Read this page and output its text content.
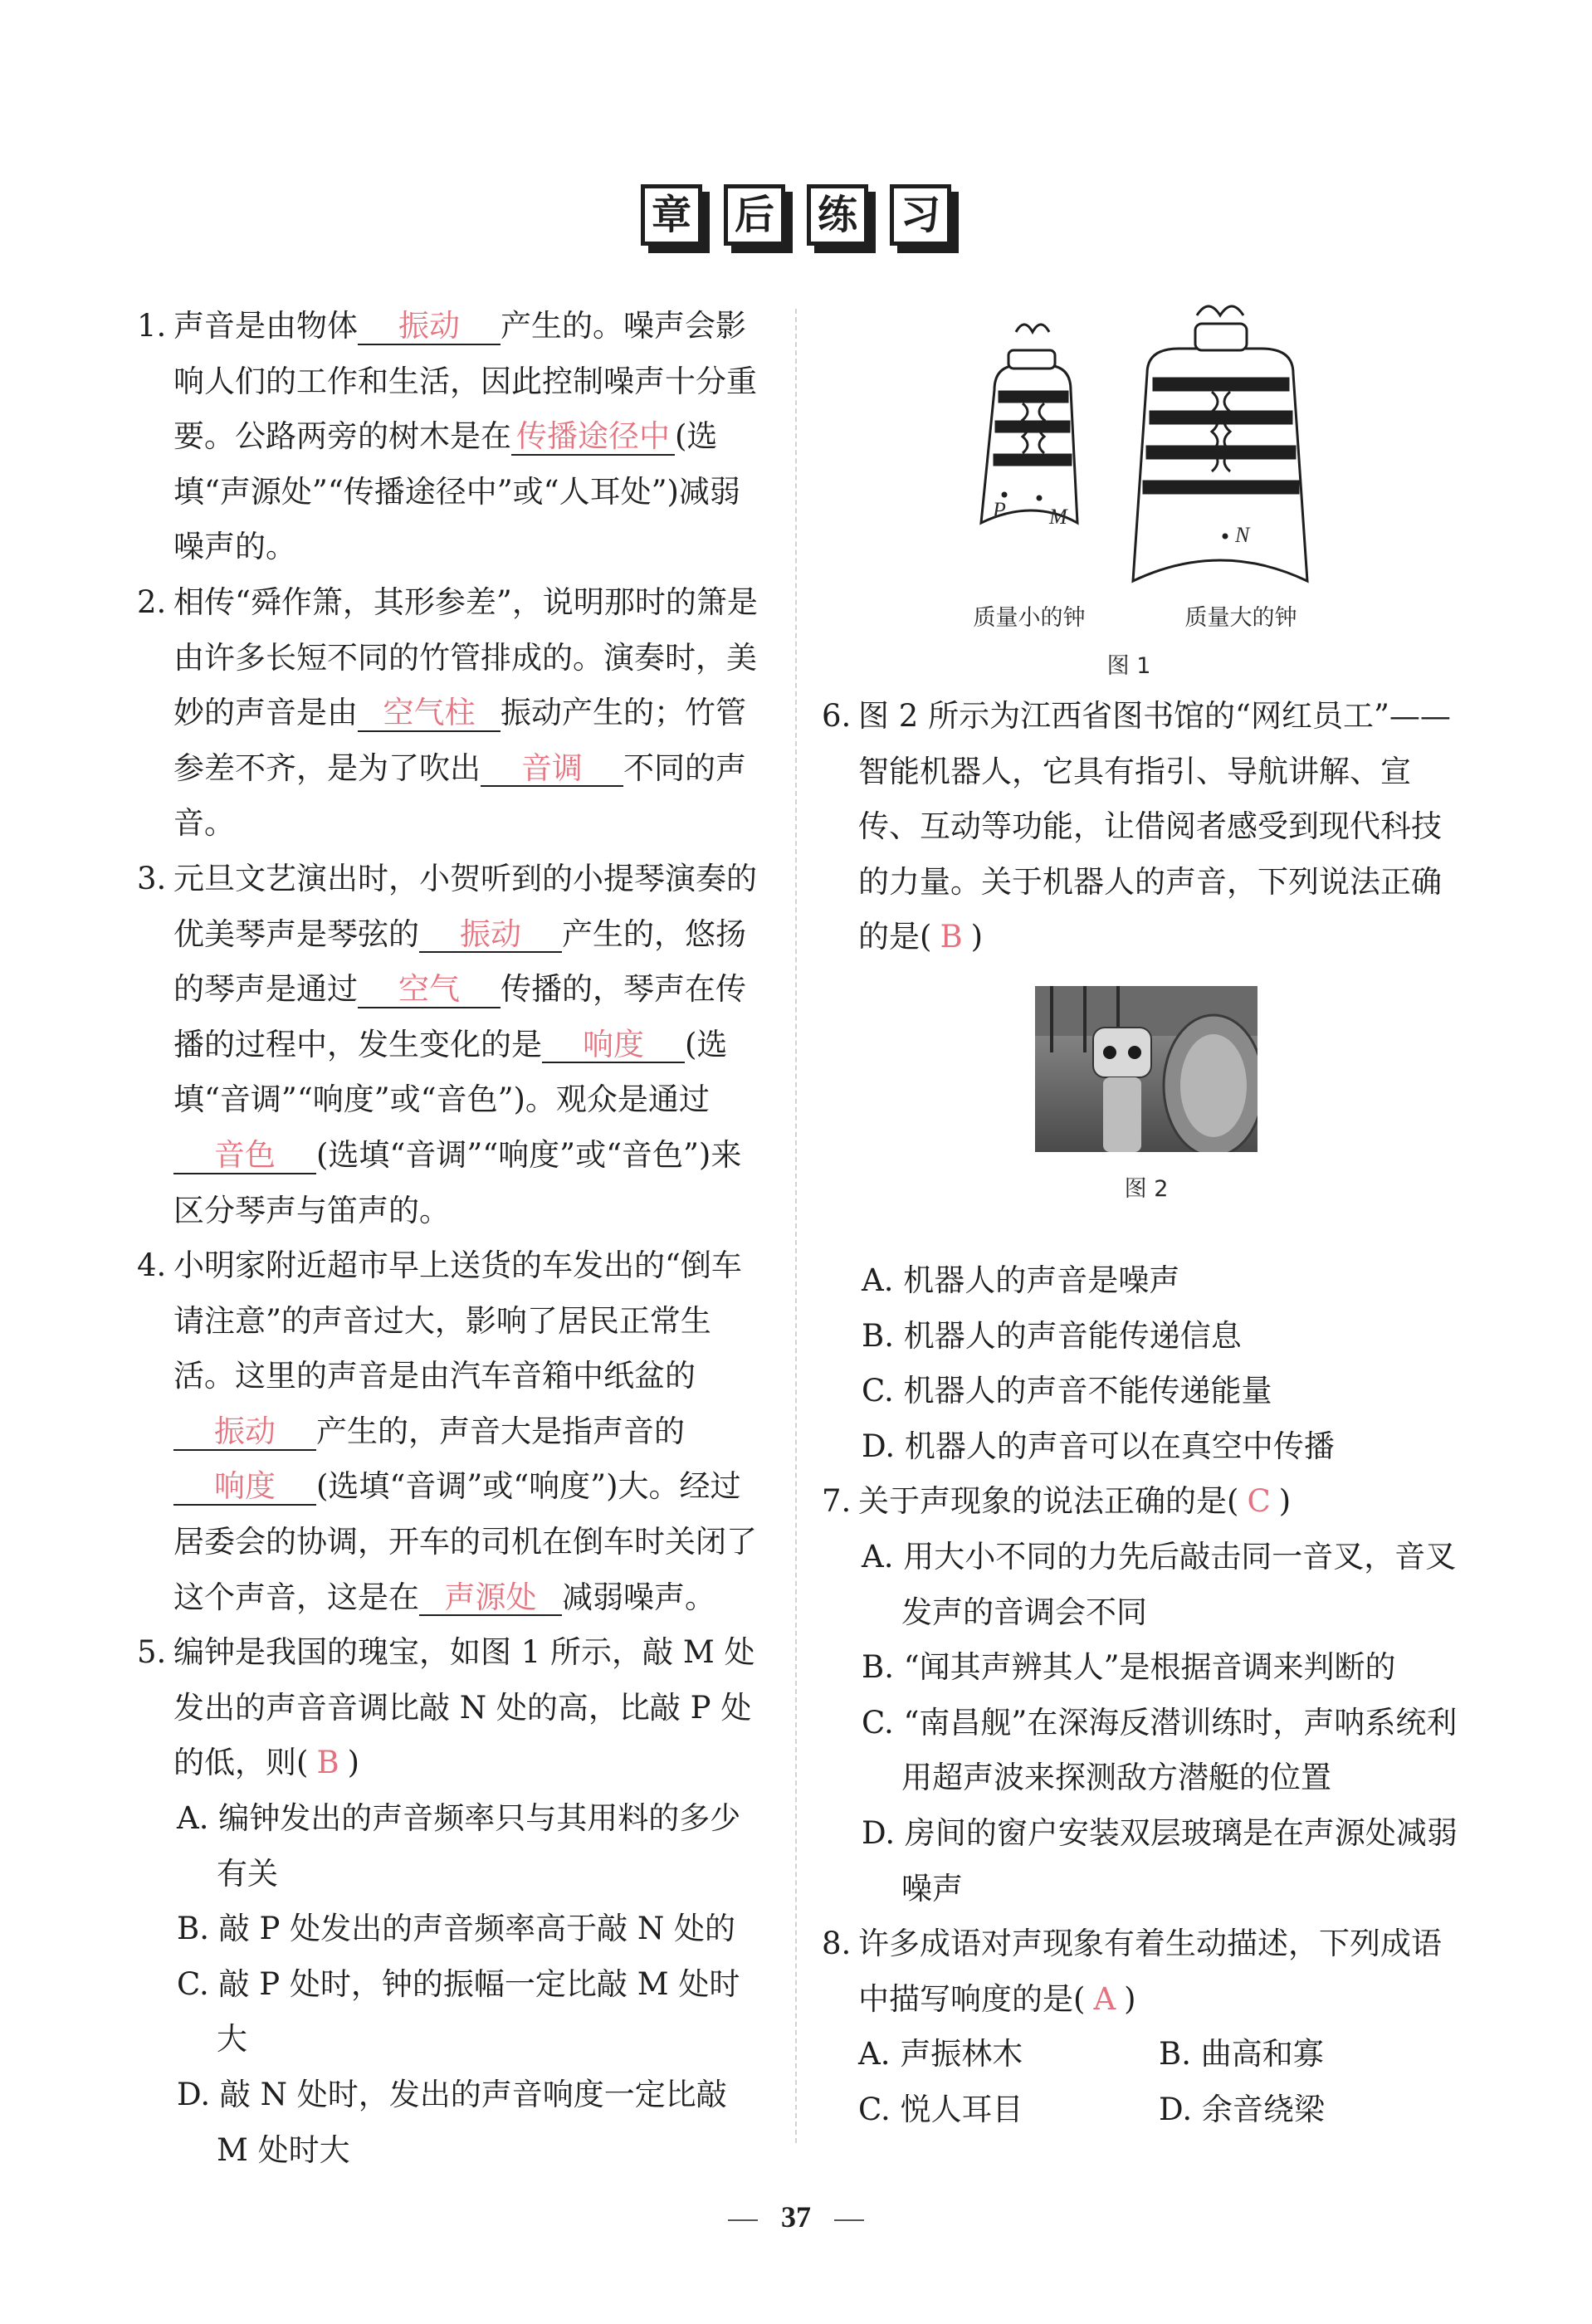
章 后 练 习
1. 声音是由物体 振动 产生的。噪声会影响人们的工作和生活，因此控制噪声十分重要。公路两旁的树木是在 传播途径中 (选填“声源处”“传播途径中”或“人耳处”)减弱噪声的。
2. 相传“舜作箫，其形参差”，说明那时的箫是由许多长短不同的竹管排成的。演奏时，美妙的声音是由 空气柱 振动产生的；竹管参差不齐，是为了吹出 音调 不同的声音。
3. 元旦文艺演出时，小贺听到的小提琴演奏的优美琴声是琴弦的 振动 产生的，悠扬的琴声是通过 空气 传播的，琴声在传播的过程中，发生变化的是 响度 (选填“音调”“响度”或“音色”)。观众是通过音色 (选填“音调”“响度”或“音色”)来区分琴声与笛声的。
4. 小明家附近超市早上送货的车发出的“倒车请注意”的声音过大，影响了居民正常生活。这里的声音是由汽车音箱中纸盆的振动 产生的，声音大是指声音的响度 (选填“音调”或“响度”)大。经过居委会的协调，开车的司机在倒车时关闭了这个声音，这是在 声源处 减弱噪声。
5. 编钟是我国的瑰宝，如图 1 所示，敲 M 处发出的声音音调比敲 N 处的高，比敲 P 处的低，则( B )
A. 编钟发出的声音频率只与其用料的多少有关
B. 敲 P 处发出的声音频率高于敲 N 处的
C. 敲 P 处时，钟的振幅一定比敲 M 处时大
D. 敲 N 处时，发出的声音响度一定比敲 M 处时大
P M
N
质量小的钟	质量大的钟
图 1
6. 图 2 所示为江西省图书馆的“网红员工”——智能机器人，它具有指引、导航讲解、宣传、互动等功能，让借阅者感受到现代科技的力量。关于机器人的声音，下列说法正确的是( B )
图 2
A. 机器人的声音是噪声
B. 机器人的声音能传递信息
C. 机器人的声音不能传递能量
D. 机器人的声音可以在真空中传播
7. 关于声现象的说法正确的是( C )
A. 用大小不同的力先后敲击同一音叉，音叉发声的音调会不同
B. “闻其声辨其人”是根据音调来判断的
C. “南昌舰”在深海反潜训练时，声呐系统利用超声波来探测敌方潜艇的位置
D. 房间的窗户安装双层玻璃是在声源处减弱噪声
8. 许多成语对声现象有着生动描述，下列成语中描写响度的是( A )
A. 声振林木	B. 曲高和寡
C. 悦人耳目	D. 余音绕梁
37
